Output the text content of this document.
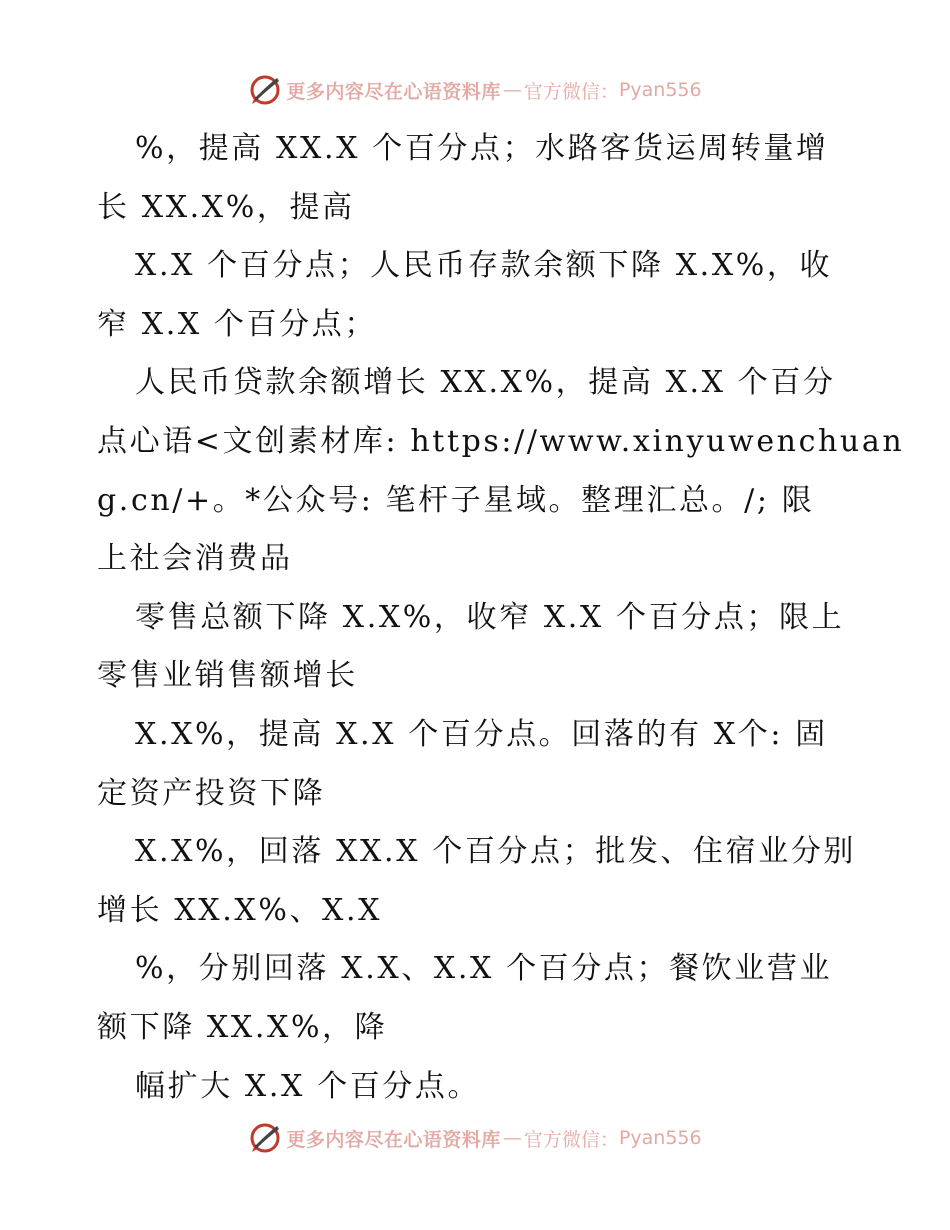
更多内容尽在心语资料库 — 官方微信： Pyan556
%，提高 XX.X 个百分点；水路客货运周转量增
长 XX.X%，提高
X.X 个百分点；人民币存款余额下降 X.X%，收
窄 X.X 个百分点；
人民币贷款余额增长 XX.X%，提高 X.X 个百分
点心语<文创素材库: https://www.xinyuwenchuan
g.cn/+。*公众号: 笔杆子星域。整理汇总。/; 限
上社会消费品
零售总额下降 X.X%，收窄 X.X 个百分点；限上
零售业销售额增长
X.X%，提高 X.X 个百分点。回落的有 X个: 固
定资产投资下降
X.X%，回落 XX.X 个百分点；批发、住宿业分别
增长 XX.X%、X.X
%，分别回落 X.X、X.X 个百分点；餐饮业营业
额下降 XX.X%，降
幅扩大 X.X 个百分点。
更多内容尽在心语资料库 — 官方微信： Pyan556
